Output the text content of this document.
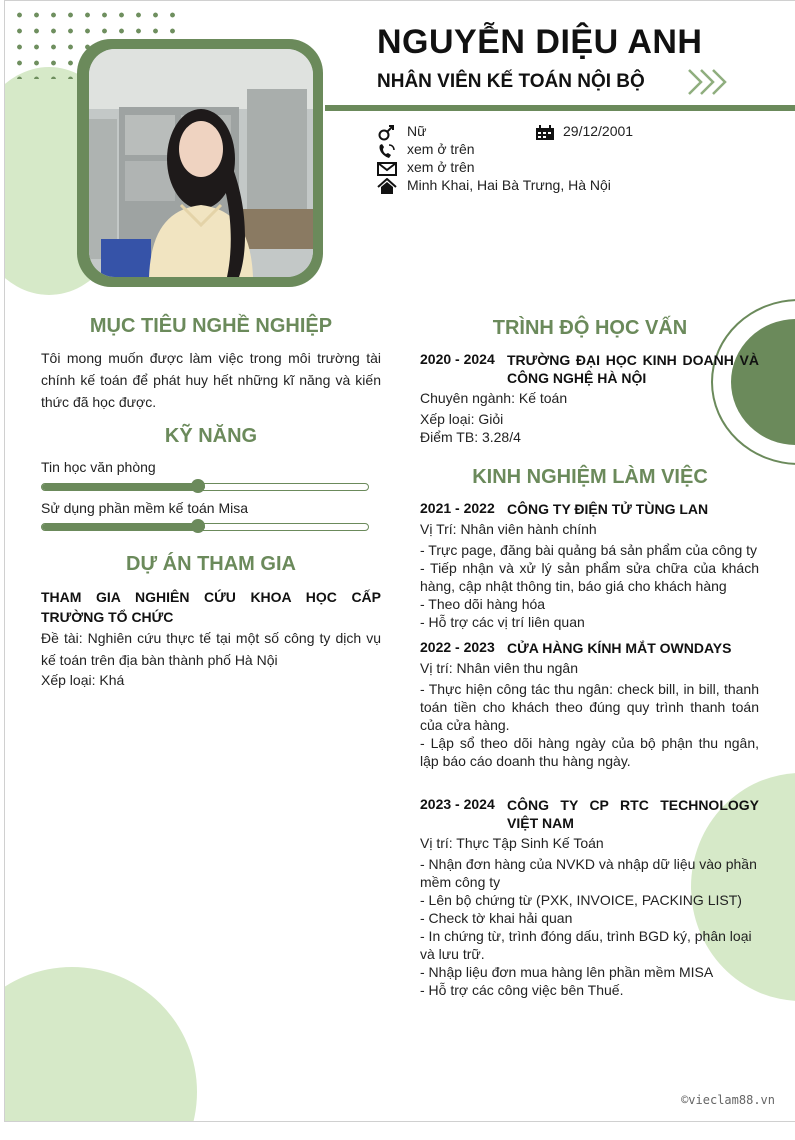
NGUYỄN DIỆU ANH
NHÂN VIÊN KẾ TOÁN NỘI BỘ
Nữ	29/12/2001
xem ở trên
xem ở trên
Minh Khai, Hai Bà Trưng, Hà Nội
MỤC TIÊU NGHỀ NGHIỆP
Tôi mong muốn được làm việc trong môi trường tài chính kế toán để phát huy hết những kĩ năng và kiến thức đã học được.
KỸ NĂNG
Tin học văn phòng
Sử dụng phần mềm kế toán Misa
DỰ ÁN THAM GIA
THAM GIA NGHIÊN CỨU KHOA HỌC CẤP TRƯỜNG TỔ CHỨC
Đề tài: Nghiên cứu thực tế tại một số công ty dịch vụ kế toán trên địa bàn thành phố Hà Nội
Xếp loại: Khá
TRÌNH ĐỘ HỌC VẤN
2020 - 2024 TRƯỜNG ĐẠI HỌC KINH DOANH VÀ CÔNG NGHỆ HÀ NỘI
Chuyên ngành: Kế toán
Xếp loại: Giỏi
Điểm TB: 3.28/4
KINH NGHIỆM LÀM VIỆC
2021 - 2022 CÔNG TY ĐIỆN TỬ TÙNG LAN
Vị Trí: Nhân viên hành chính
- Trực page, đăng bài quảng bá sản phẩm của công ty
- Tiếp nhận và xử lý sản phẩm sửa chữa của khách hàng, cập nhật thông tin, báo giá cho khách hàng
- Theo dõi hàng hóa
- Hỗ trợ các vị trí liên quan
2022 - 2023 CỬA HÀNG KÍNH MẮT OWNDAYS
Vị trí: Nhân viên thu ngân
- Thực hiện công tác thu ngân: check bill, in bill, thanh toán tiền cho khách theo đúng quy trình thanh toán của cửa hàng.
- Lập sổ theo dõi hàng ngày của bộ phận thu ngân, lập báo cáo doanh thu hàng ngày.
2023 - 2024 CÔNG TY CP RTC TECHNOLOGY VIỆT NAM
Vị trí: Thực Tập Sinh Kế Toán
- Nhận đơn hàng của NVKD và nhập dữ liệu vào phần mềm công ty
- Lên bộ chứng từ (PXK, INVOICE, PACKING LIST)
- Check tờ khai hải quan
- In chứng từ, trình đóng dấu, trình BGD ký, phân loại và lưu trữ.
- Nhập liệu đơn mua hàng lên phần mềm MISA
- Hỗ trợ các công việc bên Thuế.
©vieclam88.vn
